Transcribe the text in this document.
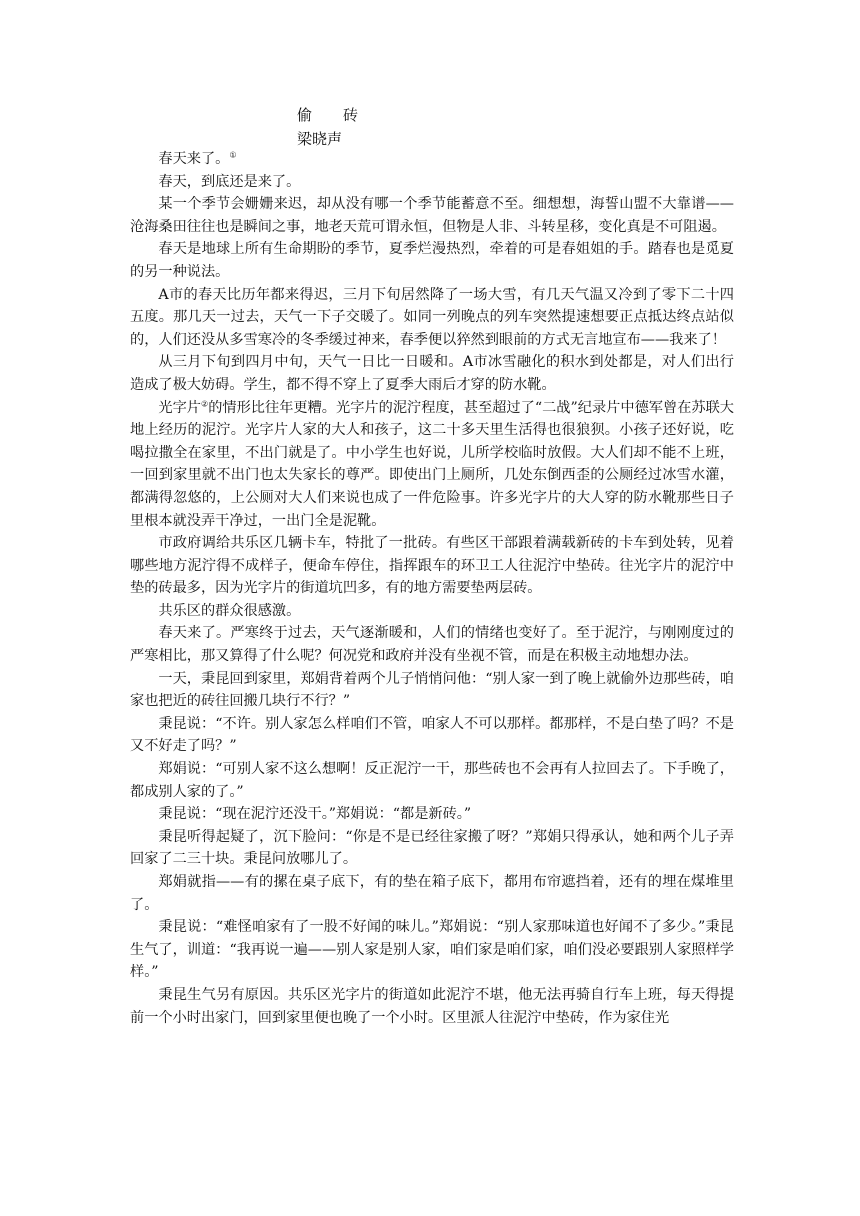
偷 砖
梁晓声

春天来了。①

春天，到底还是来了。

某一个季节会姗姗来迟，却从没有哪一个季节能蓄意不至。细想想，海誓山盟不大靠谱——沧海桑田往往也是瞬间之事，地老天荒可谓永恒，但物是人非、斗转星移，变化真是不可阻遏。

春天是地球上所有生命期盼的季节，夏季烂漫热烈，牵着的可是春姐姐的手。踏春也是觅夏的另一种说法。

A市的春天比历年都来得迟，三月下旬居然降了一场大雪，有几天气温又冷到了零下二十四五度。那几天一过去，天气一下子交暖了。如同一列晚点的列车突然提速想要正点抵达终点站似的，人们还没从多雪寒冷的冬季缓过神来，春季便以猝然到眼前的方式无言地宣布——我来了！

从三月下旬到四月中旬，天气一日比一日暖和。A市冰雪融化的积水到处都是，对人们出行造成了极大妨碍。学生，都不得不穿上了夏季大雨后才穿的防水靴。

光字片②的情形比往年更糟。光字片的泥泞程度，甚至超过了“二战”纪录片中德军曾在苏联大地上经历的泥泞。光字片人家的大人和孩子，这二十多天里生活得也很狼狈。小孩子还好说，吃喝拉撒全在家里，不出门就是了。中小学生也好说，儿所学校临时放假。大人们却不能不上班，一回到家里就不出门也太失家长的尊严。即使出门上厕所，几处东倒西歪的公厕经过冰雪水灌，都满得忽悠的，上公厕对大人们来说也成了一件危险事。许多光字片的大人穿的防水靴那些日子里根本就没弄干净过，一出门全是泥靴。

市政府调给共乐区几辆卡车，特批了一批砖。有些区干部跟着满载新砖的卡车到处转，见着哪些地方泥泞得不成样子，便命车停住，指挥跟车的环卫工人往泥泞中垫砖。往光字片的泥泞中垫的砖最多，因为光字片的街道坑凹多，有的地方需要垫两层砖。

共乐区的群众很感激。

春天来了。严寒终于过去，天气逐渐暖和，人们的情绪也变好了。至于泥泞，与刚刚度过的严寒相比，那又算得了什么呢？何况党和政府并没有坐视不管，而是在积极主动地想办法。

一天，秉昆回到家里，郑娟背着两个儿子悄悄问他：“别人家一到了晚上就偷外边那些砖，咱家也把近的砖往回搬几块行不行？”

秉昆说：“不许。别人家怎么样咱们不管，咱家人不可以那样。都那样，不是白垫了吗？不是又不好走了吗？”

郑娟说：“可别人家不这么想啊！反正泥泞一干，那些砖也不会再有人拉回去了。下手晚了，都成别人家的了。”

秉昆说：“现在泥泞还没干。”郑娟说：“都是新砖。”

秉昆听得起疑了，沉下脸问：“你是不是已经往家搬了呀？”郑娟只得承认，她和两个儿子弄回家了二三十块。秉昆问放哪儿了。

郑娟就指——有的摞在桌子底下，有的垫在箱子底下，都用布帘遮挡着，还有的埋在煤堆里了。

秉昆说：“难怪咱家有了一股不好闻的味儿。”郑娟说：“别人家那味道也好闻不了多少。”秉昆生气了，训道：“我再说一遍——别人家是别人家，咱们家是咱们家，咱们没必要跟别人家照样学样。”

秉昆生气另有原因。共乐区光字片的街道如此泥泞不堪，他无法再骑自行车上班，每天得提前一个小时出家门，回到家里便也晚了一个小时。区里派人往泥泞中垫砖，作为家住光
